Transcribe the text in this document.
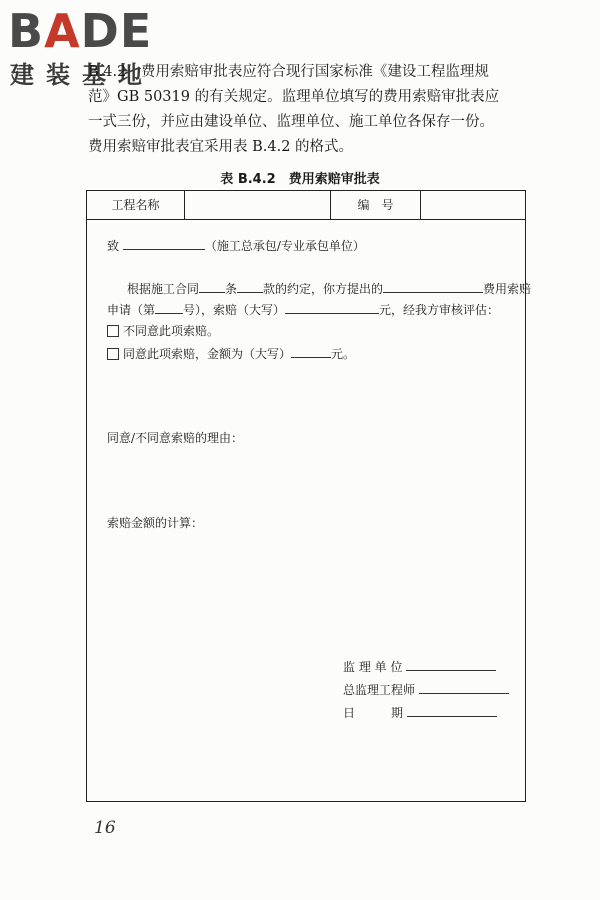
BADE
建装基地

B.4.2　费用索赔审批表应符合现行国家标准《建设工程监理规

范》GB 50319 的有关规定。监理单位填写的费用索赔审批表应

一式三份，并应由建设单位、监理单位、施工单位各保存一份。

费用索赔审批表宜采用表 B.4.2 的格式。

表 B.4.2　费用索赔审批表
工程名称	编　号
致	（施工总承包/专业承包单位）
根据施工合同 条 款的约定，你方提出的	费用索赔
申请（第 号），索赔（大写）	元，经我方审核评估：
不同意此项索赔。
同意此项索赔，金额为（大写）	元。
同意/不同意索赔的理由：
索赔金额的计算：
监 理 单 位
总监理工程师
日　　　期
16
